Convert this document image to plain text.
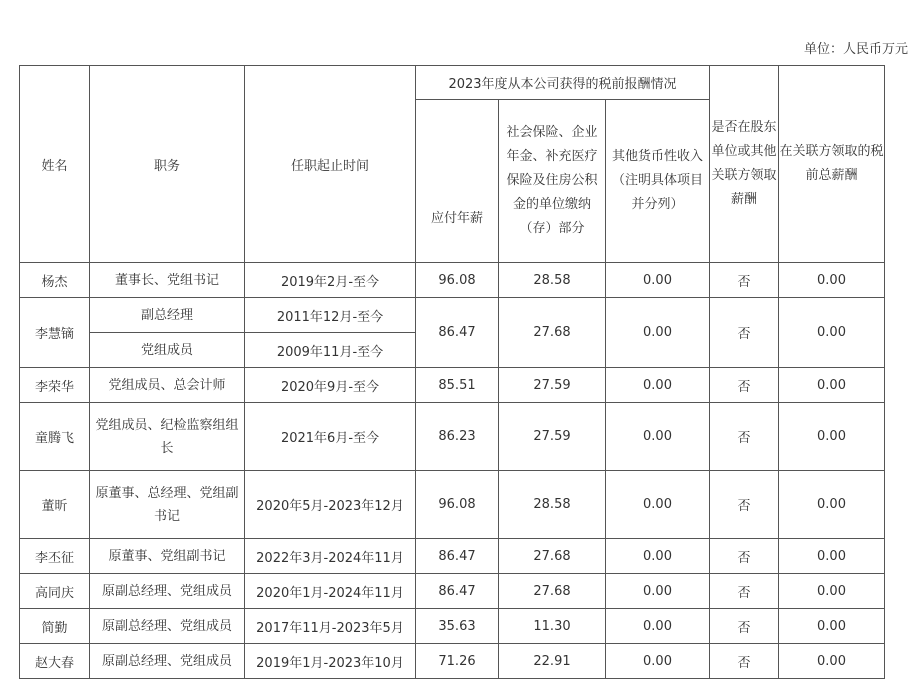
单位：人民币万元
姓名	职务	任职起止时间	2023年度从本公司获得的税前报酬情况			是否在股东单位或其他关联方领取薪酬	在关联方领取的税前总薪酬
			应付年薪	社会保险、企业年金、补充医疗保险及住房公积金的单位缴纳（存）部分	其他货币性收入（注明具体项目并分列）		
杨杰	董事长、党组书记	2019年2月-至今	96.08	28.58	0.00	否	0.00
李慧镝	副总经理	2011年12月-至今	86.47	27.68	0.00	否	0.00
	党组成员	2009年11月-至今					
李荣华	党组成员、总会计师	2020年9月-至今	85.51	27.59	0.00	否	0.00
童腾飞	党组成员、纪检监察组组长	2021年6月-至今	86.23	27.59	0.00	否	0.00
董昕	原董事、总经理、党组副书记	2020年5月-2023年12月	96.08	28.58	0.00	否	0.00
李丕征	原董事、党组副书记	2022年3月-2024年11月	86.47	27.68	0.00	否	0.00
高同庆	原副总经理、党组成员	2020年1月-2024年11月	86.47	27.68	0.00	否	0.00
简勤	原副总经理、党组成员	2017年11月-2023年5月	35.63	11.30	0.00	否	0.00
赵大春	原副总经理、党组成员	2019年1月-2023年10月	71.26	22.91	0.00	否	0.00
